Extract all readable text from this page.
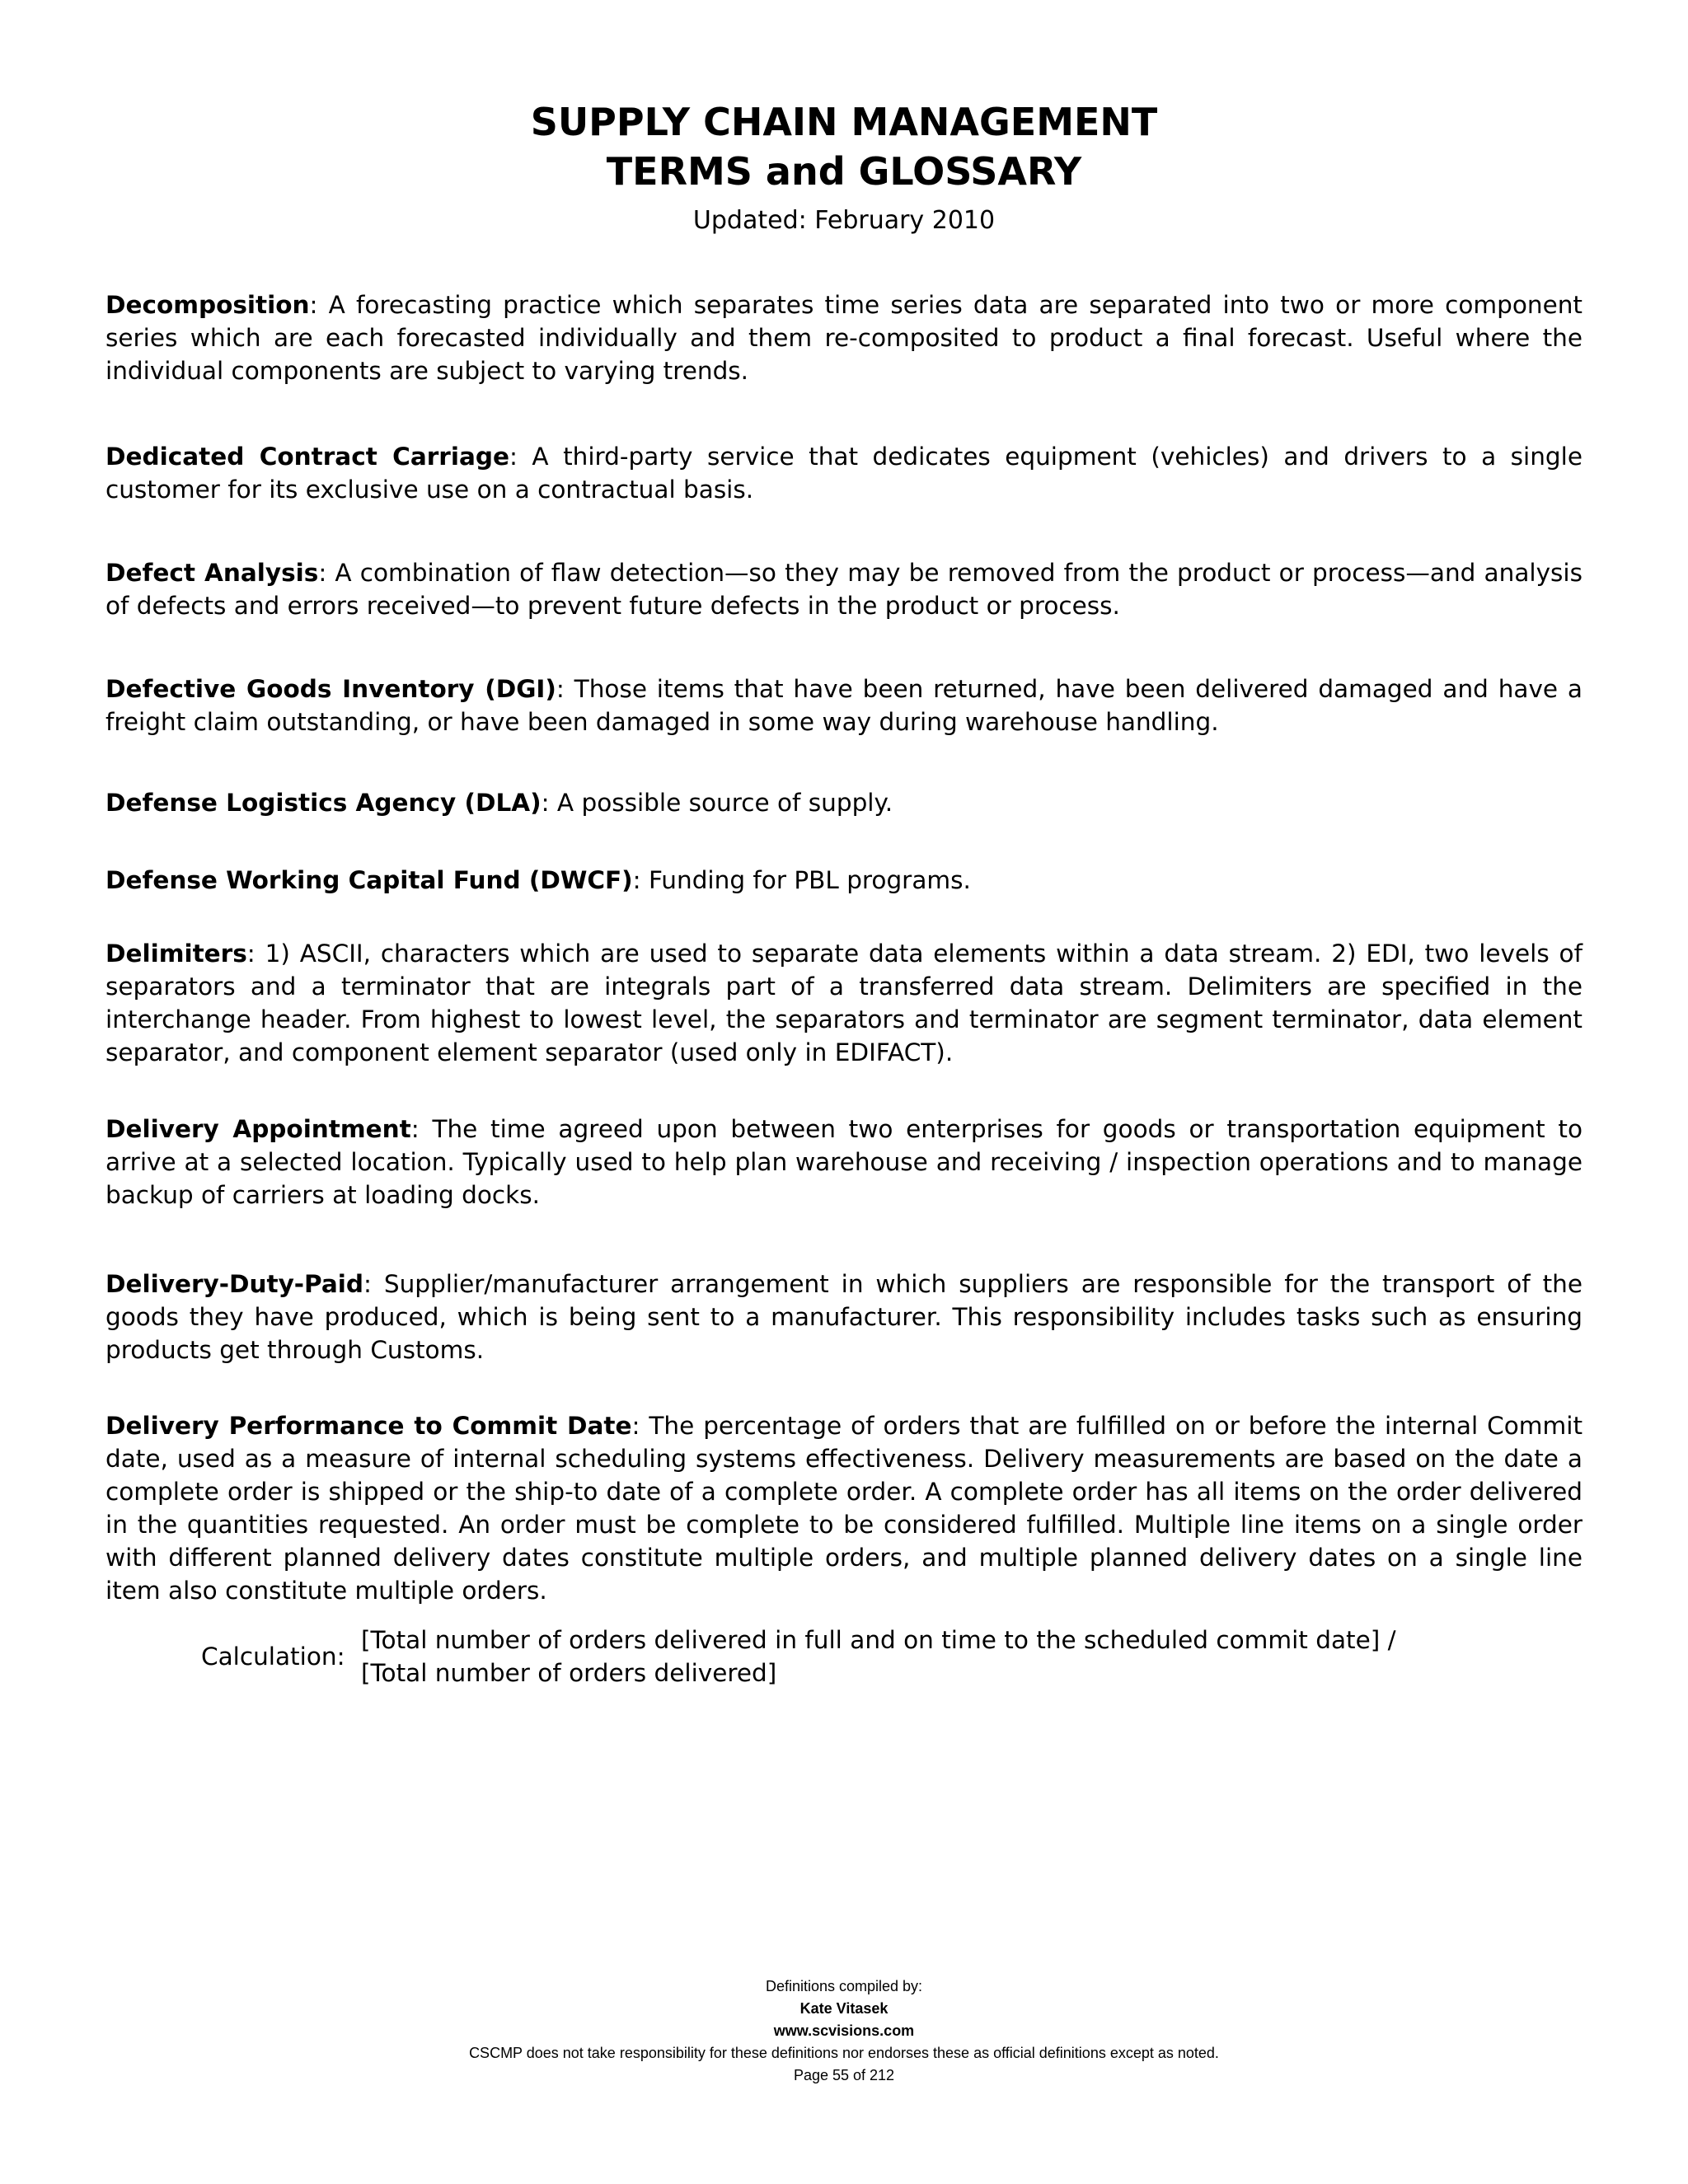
SUPPLY CHAIN MANAGEMENT
TERMS and GLOSSARY
Updated: February 2010

Decomposition: A forecasting practice which separates time series data are separated into two or more component series which are each forecasted individually and them re-composited to product a final forecast. Useful where the individual components are subject to varying trends.

Dedicated Contract Carriage: A third-party service that dedicates equipment (vehicles) and drivers to a single customer for its exclusive use on a contractual basis.

Defect Analysis: A combination of flaw detection—so they may be removed from the product or process—and analysis of defects and errors received—to prevent future defects in the product or process.

Defective Goods Inventory (DGI): Those items that have been returned, have been delivered damaged and have a freight claim outstanding, or have been damaged in some way during warehouse handling.

Defense Logistics Agency (DLA): A possible source of supply.

Defense Working Capital Fund (DWCF): Funding for PBL programs.

Delimiters: 1) ASCII, characters which are used to separate data elements within a data stream. 2) EDI, two levels of separators and a terminator that are integrals part of a transferred data stream. Delimiters are specified in the interchange header. From highest to lowest level, the separators and terminator are segment terminator, data element separator, and component element separator (used only in EDIFACT).

Delivery Appointment: The time agreed upon between two enterprises for goods or transportation equipment to arrive at a selected location. Typically used to help plan warehouse and receiving / inspection operations and to manage backup of carriers at loading docks.

Delivery-Duty-Paid: Supplier/manufacturer arrangement in which suppliers are responsible for the transport of the goods they have produced, which is being sent to a manufacturer. This responsibility includes tasks such as ensuring products get through Customs.

Delivery Performance to Commit Date: The percentage of orders that are fulfilled on or before the internal Commit date, used as a measure of internal scheduling systems effectiveness. Delivery measurements are based on the date a complete order is shipped or the ship-to date of a complete order. A complete order has all items on the order delivered in the quantities requested. An order must be complete to be considered fulfilled. Multiple line items on a single order with different planned delivery dates constitute multiple orders, and multiple planned delivery dates on a single line item also constitute multiple orders.

Calculation:
[Total number of orders delivered in full and on time to the scheduled commit date] /
[Total number of orders delivered]
Definitions compiled by:
Kate Vitasek
www.scvisions.com
CSCMP does not take responsibility for these definitions nor endorses these as official definitions except as noted.
Page 55 of 212
